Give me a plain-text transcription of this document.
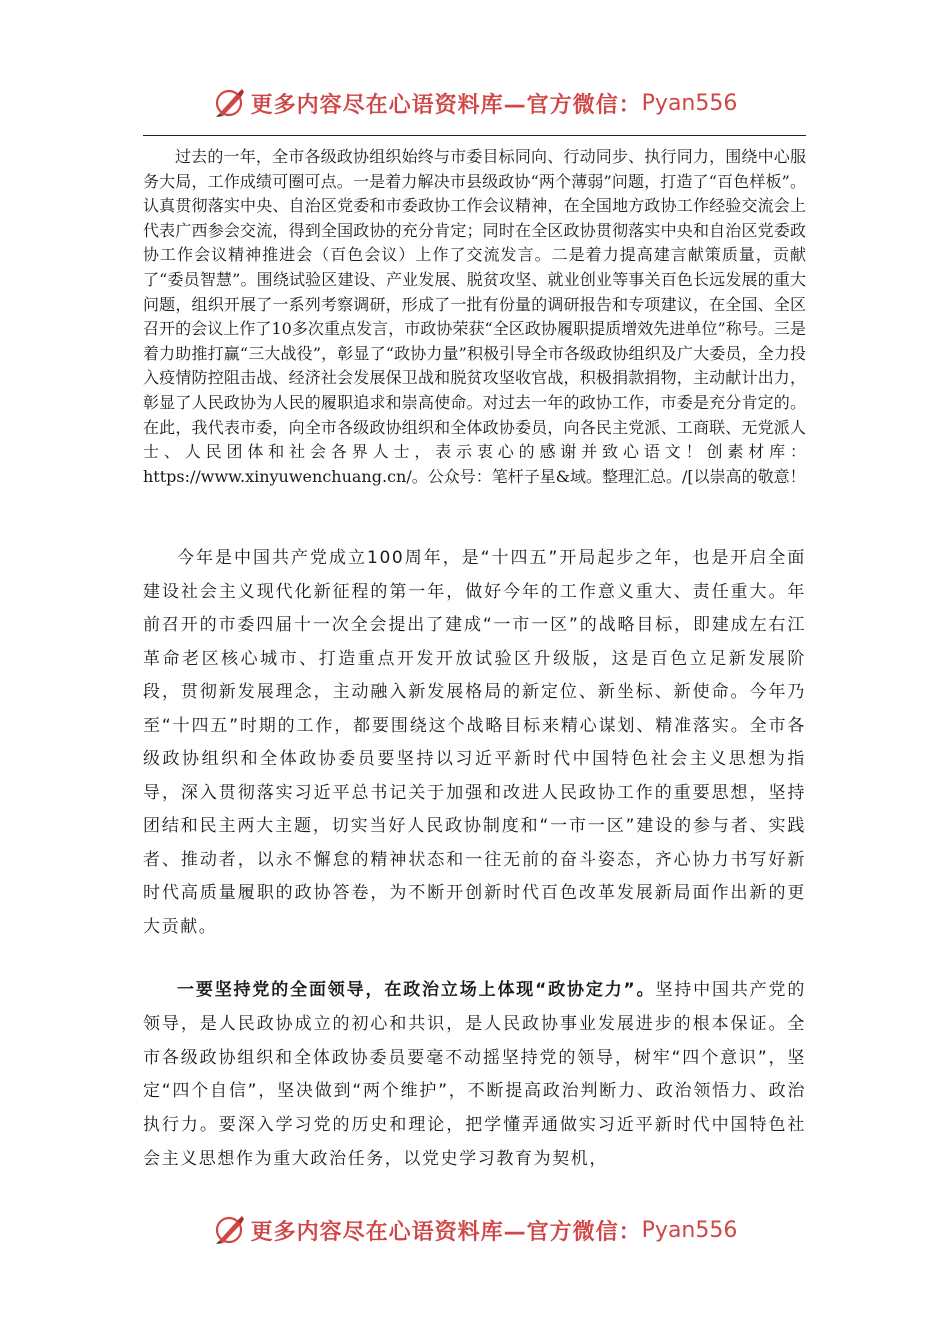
更多内容尽在心语资料库—官方微信： Pyan556

过去的一年，全市各级政协组织始终与市委目标同向、行动同步、执行同力，围绕中心服务大局，工作成绩可圈可点。一是着力解决市县级政协“两个薄弱”问题，打造了“百色样板”。认真贯彻落实中央、自治区党委和市委政协工作会议精神，在全国地方政协工作经验交流会上代表广西参会交流，得到全国政协的充分肯定；同时在全区政协贯彻落实中央和自治区党委政协工作会议精神推进会（百色会议）上作了交流发言。二是着力提高建言献策质量，贡献了“委员智慧”。围绕试验区建设、产业发展、脱贫攻坚、就业创业等事关百色长远发展的重大问题，组织开展了一系列考察调研，形成了一批有份量的调研报告和专项建议，在全国、全区召开的会议上作了10多次重点发言，市政协荣获“全区政协履职提质增效先进单位”称号。三是着力助推打赢“三大战役”，彰显了“政协力量”积极引导全市各级政协组织及广大委员，全力投入疫情防控阻击战、经济社会发展保卫战和脱贫攻坚收官战，积极捐款捐物，主动献计出力，彰显了人民政协为人民的履职追求和崇高使命。对过去一年的政协工作，市委是充分肯定的。在此，我代表市委，向全市各级政协组织和全体政协委员，向各民主党派、工商联、无党派人士、人民团体和社会各界人士，表示衷心的感谢并致心语文！创素材库：https://www.xinyuwenchuang.cn/。公众号：笔杆子星&域。整理汇总。/[以崇高的敬意！

今年是中国共产党成立100周年，是“十四五”开局起步之年，也是开启全面建设社会主义现代化新征程的第一年，做好今年的工作意义重大、责任重大。年前召开的市委四届十一次全会提出了建成“一市一区”的战略目标，即建成左右江革命老区核心城市、打造重点开发开放试验区升级版，这是百色立足新发展阶段，贯彻新发展理念，主动融入新发展格局的新定位、新坐标、新使命。今年乃至“十四五”时期的工作，都要围绕这个战略目标来精心谋划、精准落实。全市各级政协组织和全体政协委员要坚持以习近平新时代中国特色社会主义思想为指导，深入贯彻落实习近平总书记关于加强和改进人民政协工作的重要思想，坚持团结和民主两大主题，切实当好人民政协制度和“一市一区”建设的参与者、实践者、推动者，以永不懈怠的精神状态和一往无前的奋斗姿态，齐心协力书写好新时代高质量履职的政协答卷，为不断开创新时代百色改革发展新局面作出新的更大贡献。

一要坚持党的全面领导，在政治立场上体现“政协定力”。坚持中国共产党的领导，是人民政协成立的初心和共识，是人民政协事业发展进步的根本保证。全市各级政协组织和全体政协委员要毫不动摇坚持党的领导，树牢“四个意识”，坚定“四个自信”，坚决做到“两个维护”，不断提高政治判断力、政治领悟力、政治执行力。要深入学习党的历史和理论，把学懂弄通做实习近平新时代中国特色社会主义思想作为重大政治任务，以党史学习教育为契机，

更多内容尽在心语资料库—官方微信： Pyan556
